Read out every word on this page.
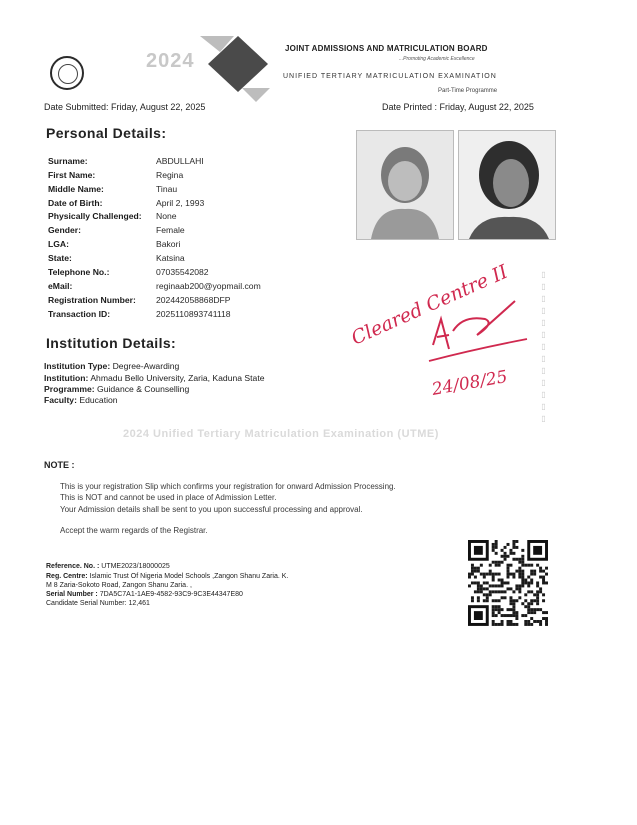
2024
JOINT ADMISSIONS AND MATRICULATION BOARD
...Promoting Academic Excellence
UNIFIED TERTIARY MATRICULATION EXAMINATION
Part-Time Programme
Date Submitted: Friday, August 22, 2025	Date Printed : Friday, August 22, 2025
Personal Details:
Surname:	ABDULLAHI
First Name:	Regina
Middle Name:	Tinau
Date of Birth:	April 2, 1993
Physically Challenged:	None
Gender:	Female
LGA:	Bakori
State:	Katsina
Telephone No.:	07035542082
eMail:	reginaab200@yopmail.com
Registration Number:	202442058868DFP
Transaction ID:	2025110893741118	▯▯▯▯▯▯▯▯▯▯▯▯▯
Institution Details:
Institution Type: Degree-Awarding
Institution: Ahmadu Bello University, Zaria, Kaduna State
Programme: Guidance & Counselling
Faculty: Education
Cleared Centre II
24/08/25
2024 Unified Tertiary Matriculation Examination (UTME)
NOTE :
This is your registration Slip which confirms your registration for onward Admission Processing.
This is NOT and cannot be used in place of Admission Letter.
Your Admission details shall be sent to you upon successful processing and approval.
Accept the warm regards of the Registrar.
Reference. No. : UTME2023/18000025
Reg. Centre: Islamic Trust Of Nigeria Model Schools ,Zangon Shanu Zaria. K.
M 8 Zaria-Sokoto Road, Zangon Shanu Zaria. ,
Serial Number : 7DA5C7A1-1AE9-4582-93C9-9C3E44347E80
Candidate Serial Number: 12,461
